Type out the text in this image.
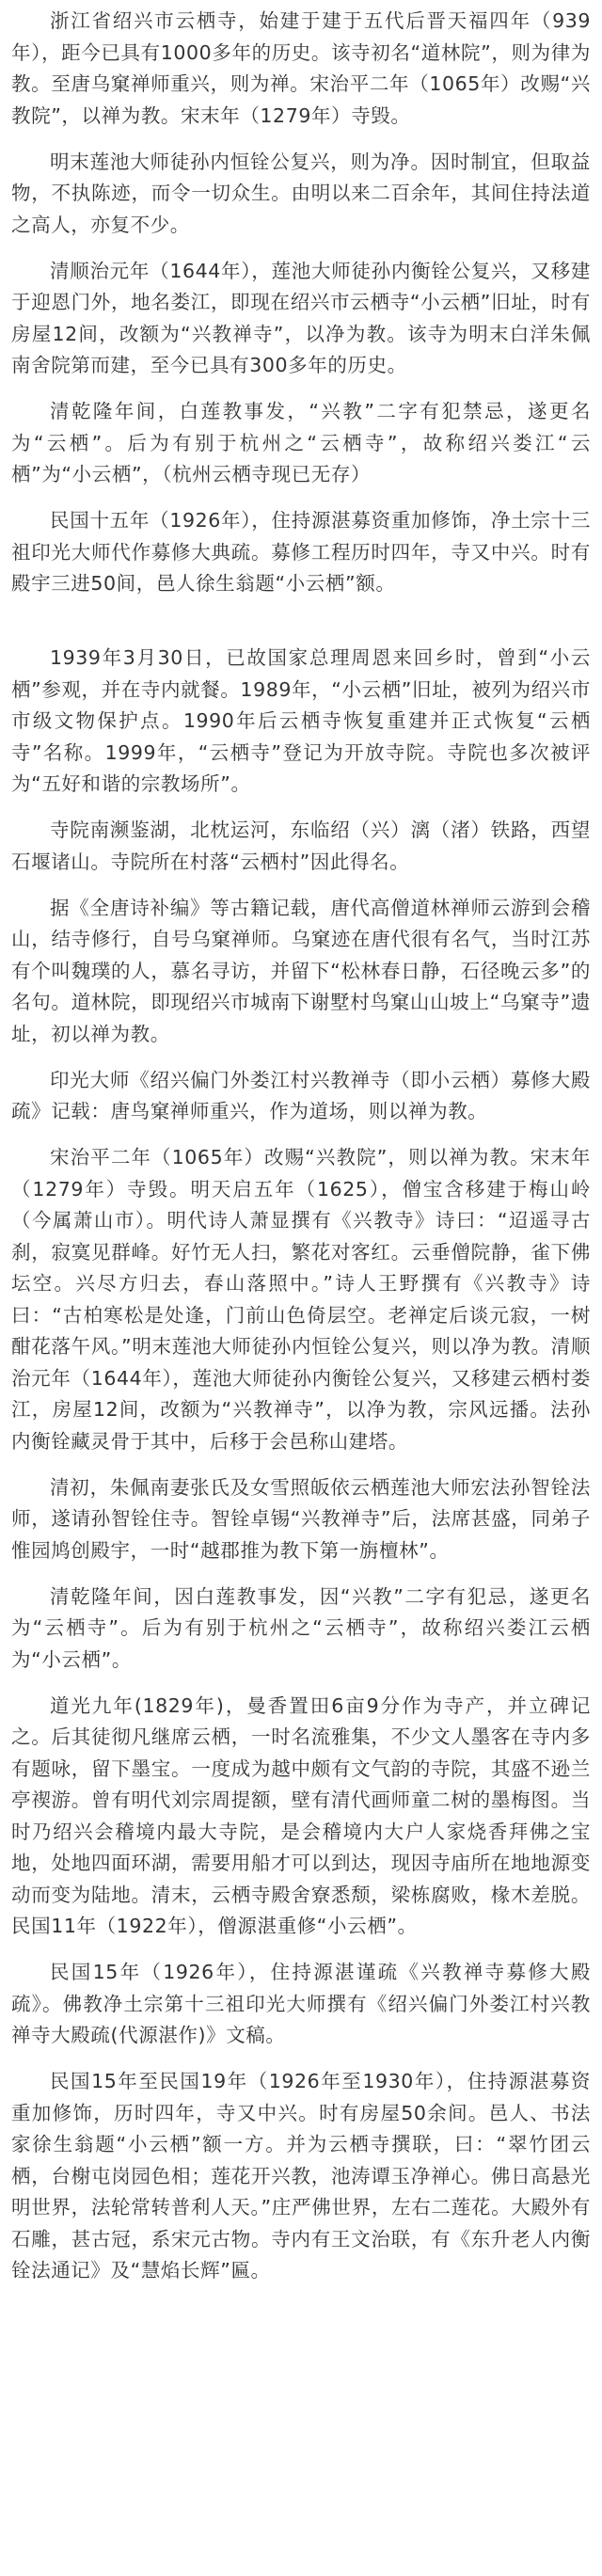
浙江省绍兴市云栖寺，始建于建于五代后晋天福四年（939年），距今已具有1000多年的历史。该寺初名“道林院”，则为律为教。至唐乌窠禅师重兴，则为禅。宋治平二年（1065年）改赐“兴教院”，以禅为教。宋末年（1279年）寺毁。

明末莲池大师徒孙内恒铨公复兴，则为净。因时制宜，但取益物，不执陈迹，而令一切众生。由明以来二百余年，其间住持法道之高人，亦复不少。

清顺治元年（1644年），莲池大师徒孙内衡铨公复兴，又移建于迎恩门外，地名娄江，即现在绍兴市云栖寺“小云栖”旧址，时有房屋12间，改额为“兴教禅寺”，以净为教。该寺为明末白洋朱佩南舍院第而建，至今已具有300多年的历史。

清乾隆年间，白莲教事发，“兴教”二字有犯禁忌，遂更名为“云栖”。后为有别于杭州之“云栖寺”，故称绍兴娄江“云栖”为“小云栖”，（杭州云栖寺现已无存）

民国十五年（1926年），住持源湛募资重加修饰，净土宗十三祖印光大师代作募修大典疏。募修工程历时四年，寺又中兴。时有殿宇三进50间，邑人徐生翁题“小云栖”额。

1939年3月30日，已故国家总理周恩来回乡时，曾到“小云栖”参观，并在寺内就餐。1989年，“小云栖”旧址，被列为绍兴市市级文物保护点。1990年后云栖寺恢复重建并正式恢复“云栖寺”名称。1999年，“云栖寺”登记为开放寺院。寺院也多次被评为“五好和谐的宗教场所”。

寺院南濒鉴湖，北枕运河，东临绍（兴）漓（渚）铁路，西望石堰诸山。寺院所在村落“云栖村”因此得名。

据《全唐诗补编》等古籍记载，唐代高僧道林禅师云游到会稽山，结寺修行，自号乌窠禅师。乌窠迹在唐代很有名气，当时江苏有个叫魏璞的人，慕名寻访，并留下“松林春日静，石径晚云多”的名句。道林院，即现绍兴市城南下谢墅村鸟窠山山坡上“乌窠寺”遗址，初以禅为教。

印光大师《绍兴偏门外娄江村兴教禅寺（即小云栖）募修大殿疏》记载：唐鸟窠禅师重兴，作为道场，则以禅为教。

宋治平二年（1065年）改赐“兴教院”，则以禅为教。宋末年（1279年）寺毁。明天启五年（1625），僧宝含移建于梅山岭（今属萧山市）。明代诗人萧显撰有《兴教寺》诗曰：“迢遥寻古刹，寂寞见群峰。好竹无人扫，繁花对客红。云垂僧院静，雀下佛坛空。兴尽方归去，春山落照中。”诗人王野撰有《兴教寺》诗曰：“古柏寒松是处逢，门前山色倚层空。老禅定后谈元寂，一树酣花落午风。”明末莲池大师徒孙内恒铨公复兴，则以净为教。清顺治元年（1644年），莲池大师徒孙内衡铨公复兴，又移建云栖村娄江，房屋12间，改额为“兴教禅寺”，以净为教，宗风远播。法孙内衡铨藏灵骨于其中，后移于会邑称山建塔。

清初，朱佩南妻张氏及女雪照皈依云栖莲池大师宏法孙智铨法师，遂请孙智铨住寺。智铨卓锡“兴教禅寺”后，法席甚盛，同弟子惟园鸠创殿宇，一时“越郡推为教下第一旃檀林”。

清乾隆年间，因白莲教事发，因“兴教”二字有犯忌，遂更名为“云栖寺”。后为有别于杭州之“云栖寺”，故称绍兴娄江云栖为“小云栖”。

道光九年(1829年)，曼香置田6亩9分作为寺产，并立碑记之。后其徒彻凡继席云栖，一时名流雅集，不少文人墨客在寺内多有题咏，留下墨宝。一度成为越中颇有文气韵的寺院，其盛不逊兰亭禊游。曾有明代刘宗周提额，壁有清代画师童二树的墨梅图。当时乃绍兴会稽境内最大寺院，是会稽境内大户人家烧香拜佛之宝地，处地四面环湖，需要用船才可以到达，现因寺庙所在地地源变动而变为陆地。清末，云栖寺殿舍寮悉颓，梁栋腐败，椽木差脱。民国11年（1922年），僧源湛重修“小云栖”。

民国15年（1926年），住持源湛谨疏《兴教禅寺募修大殿疏》。佛教净土宗第十三祖印光大师撰有《绍兴偏门外娄江村兴教禅寺大殿疏(代源湛作)》文稿。

民国15年至民国19年（1926年至1930年），住持源湛募资重加修饰，历时四年，寺又中兴。时有房屋50余间。邑人、书法家徐生翁题“小云栖”额一方。并为云栖寺撰联，曰：“翠竹团云栖，台榭屯岗园色相；莲花开兴教，池涛谭玉净禅心。佛日高悬光明世界，法轮常转普利人天。”庄严佛世界，左右二莲花。大殿外有石雕，甚古冠，系宋元古物。寺内有王文治联，有《东升老人内衡铨法通记》及“慧焰长辉”匾。
